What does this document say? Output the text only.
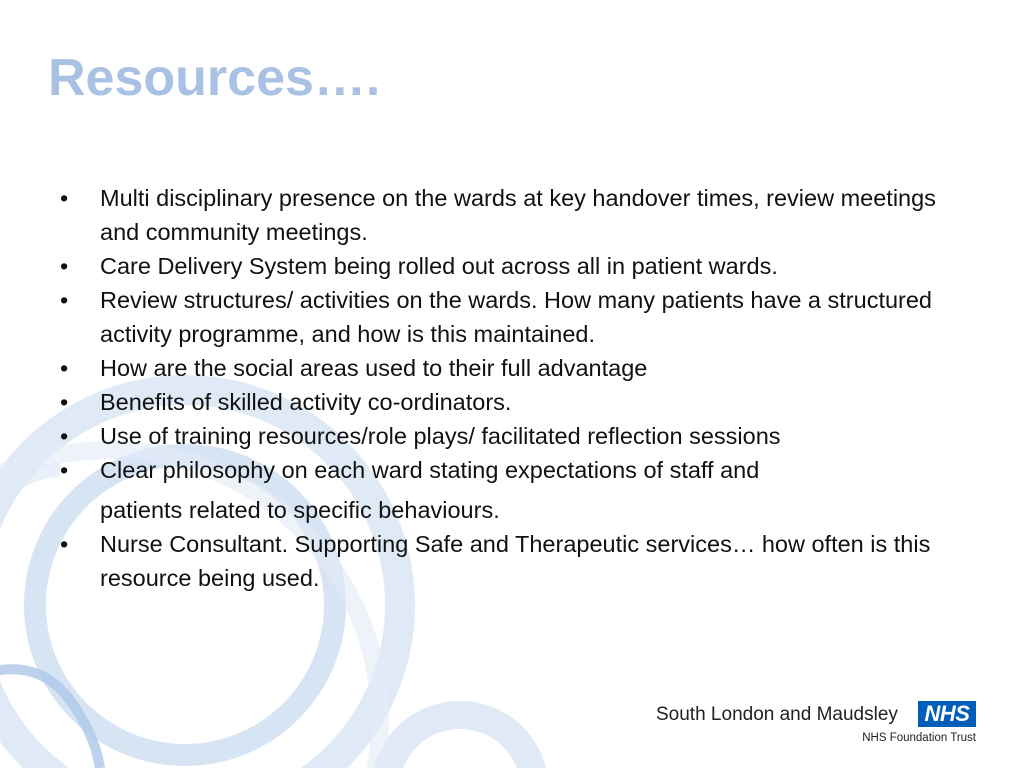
Resources….
•	Multi disciplinary presence on the wards at key handover times, review meetings and community meetings.
•	Care Delivery System being rolled out across all in patient wards.
•	Review structures/ activities on the wards. How many patients have a structured activity programme, and how is this maintained.
•	How are the social areas used to their full advantage
•	Benefits of skilled activity co-ordinators.
•	Use of training resources/role plays/ facilitated reflection sessions
•	Clear philosophy on each ward stating expectations of staff and
patients related to specific behaviours.
•	Nurse Consultant. Supporting Safe and Therapeutic services… how often is this resource being used.
South London and Maudsley NHS
NHS Foundation Trust
